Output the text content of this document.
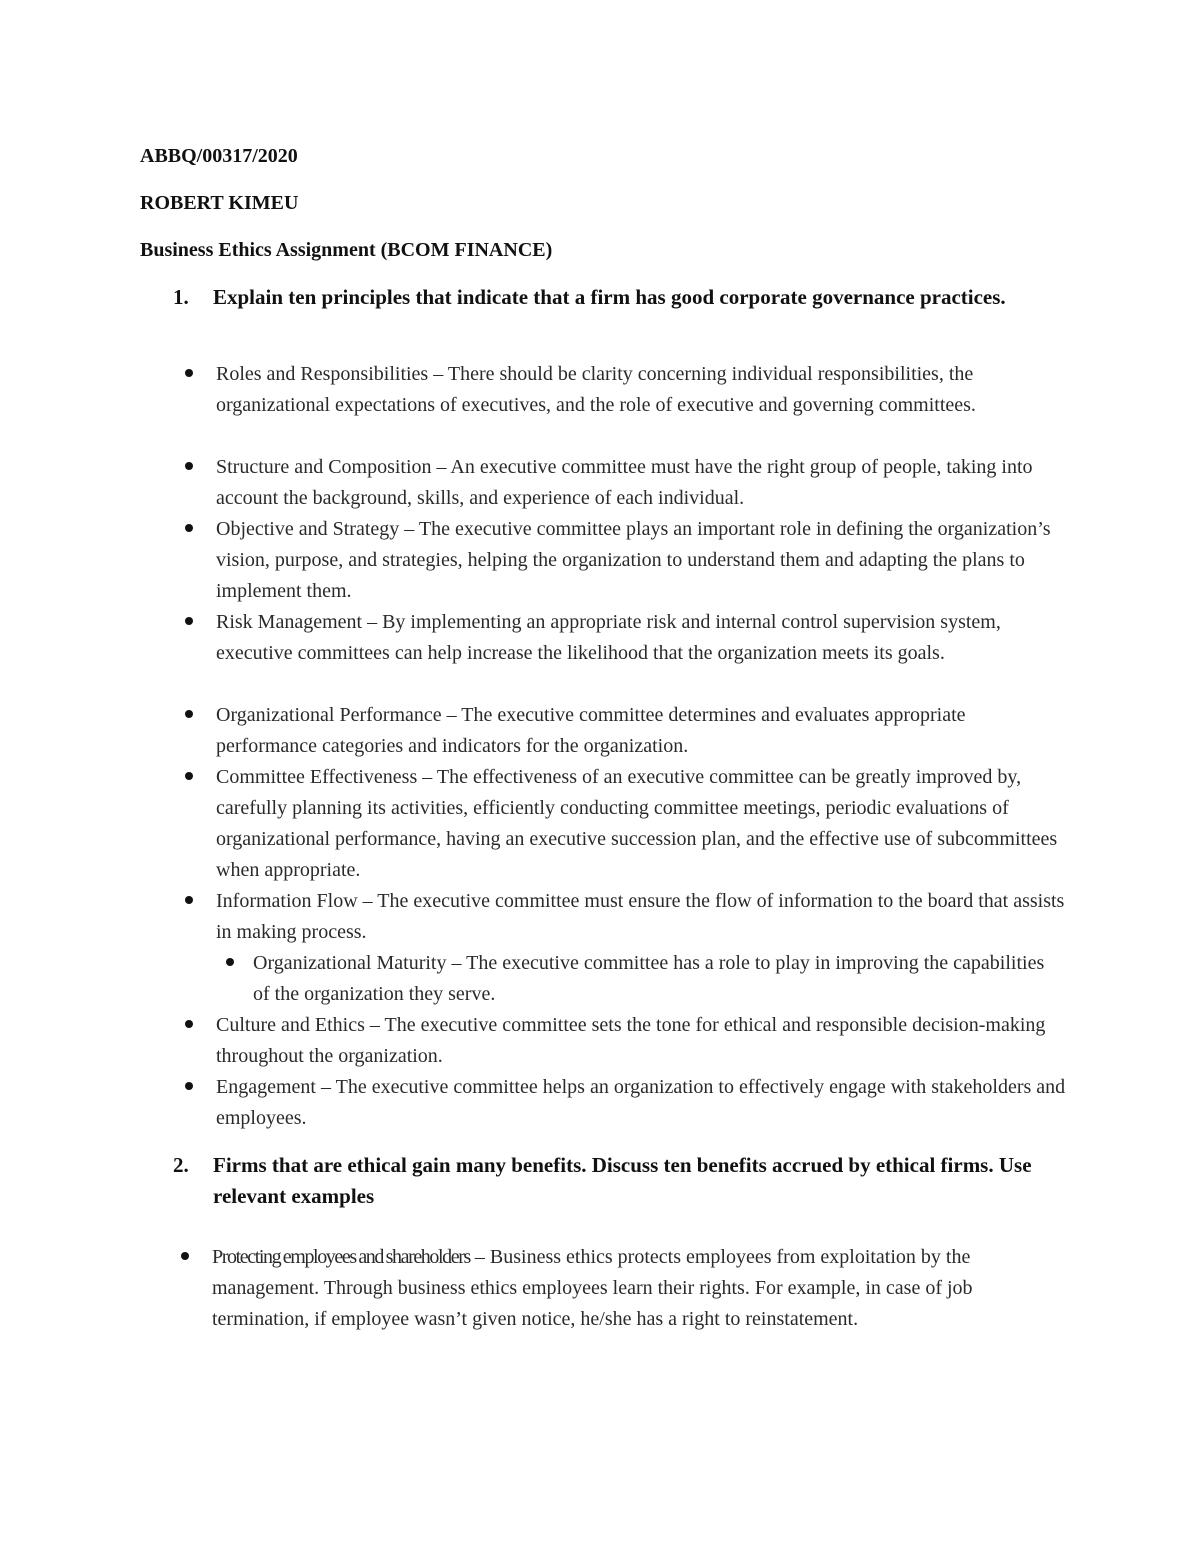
ABBQ/00317/2020

ROBERT KIMEU

Business Ethics Assignment (BCOM FINANCE)

1. Explain ten principles that indicate that a firm has good corporate governance practices.
Roles and Responsibilities – There should be clarity concerning individual responsibilities, the organizational expectations of executives, and the role of executive and governing committees.
Structure and Composition – An executive committee must have the right group of people, taking into account the background, skills, and experience of each individual.
Objective and Strategy – The executive committee plays an important role in defining the organization’s vision, purpose, and strategies, helping the organization to understand them and adapting the plans to implement them.
Risk Management – By implementing an appropriate risk and internal control supervision system, executive committees can help increase the likelihood that the organization meets its goals.
Organizational Performance – The executive committee determines and evaluates appropriate performance categories and indicators for the organization.
Committee Effectiveness – The effectiveness of an executive committee can be greatly improved by, carefully planning its activities, efficiently conducting committee meetings, periodic evaluations of organizational performance, having an executive succession plan, and the effective use of subcommittees when appropriate.
Information Flow – The executive committee must ensure the flow of information to the board that assists in making process.
Organizational Maturity – The executive committee has a role to play in improving the capabilities of the organization they serve.
Culture and Ethics – The executive committee sets the tone for ethical and responsible decision-making throughout the organization.
Engagement – The executive committee helps an organization to effectively engage with stakeholders and employees.
2. Firms that are ethical gain many benefits. Discuss ten benefits accrued by ethical firms. Use relevant examples
Protecting employees and shareholders – Business ethics protects employees from exploitation by the management. Through business ethics employees learn their rights. For example, in case of job termination, if employee wasn’t given notice, he/she has a right to reinstatement.
